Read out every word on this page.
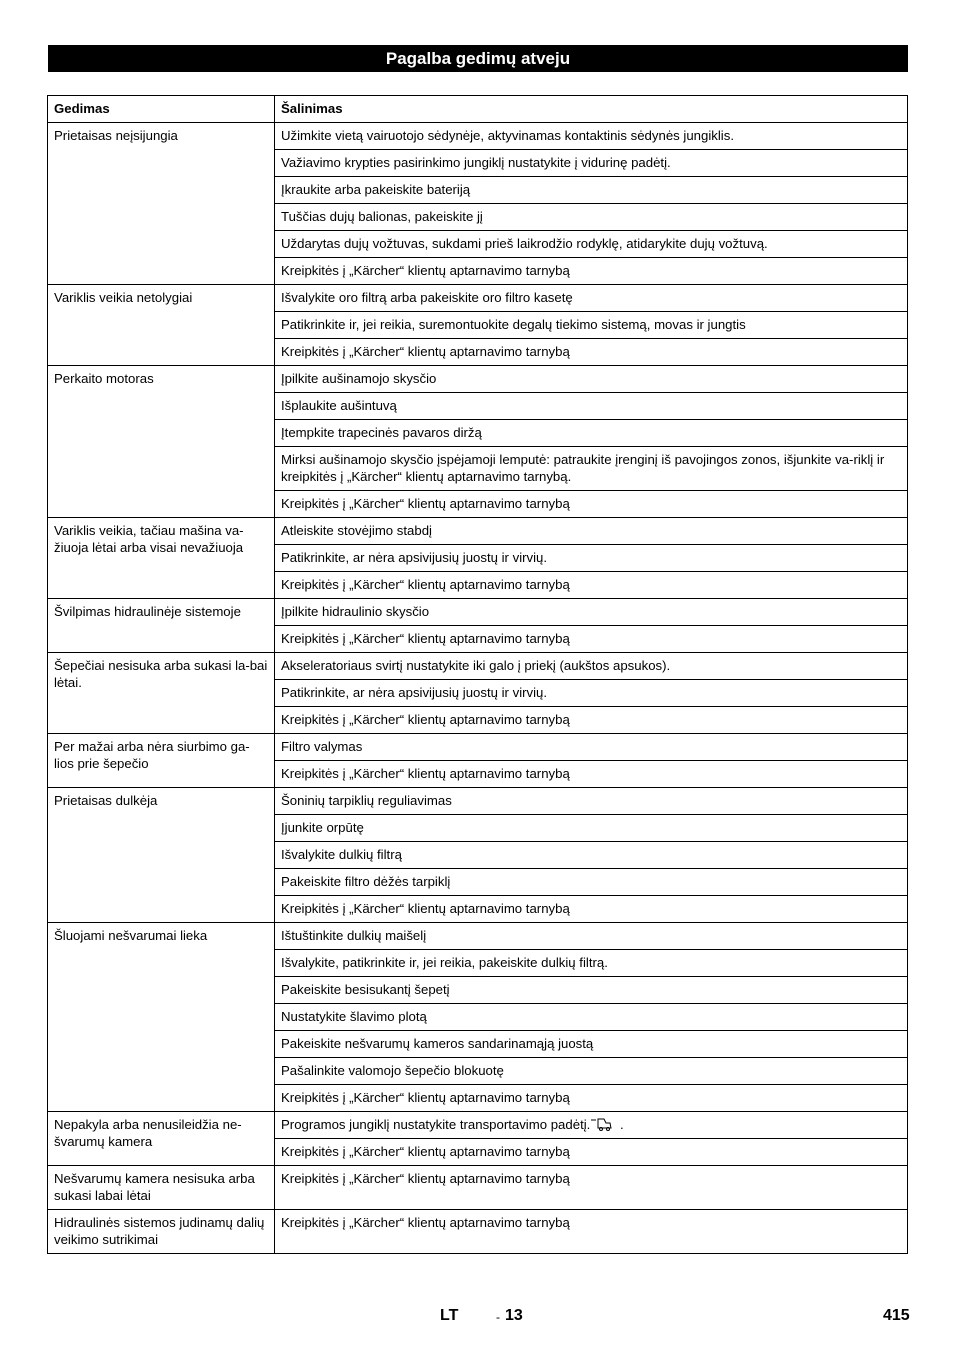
Pagalba gedimų atveju
Gedimas	Šalinimas
Prietaisas neįsijungia	Užimkite vietą vairuotojo sėdynėje, aktyvinamas kontaktinis sėdynės jungiklis.
	Važiavimo krypties pasirinkimo jungiklį nustatykite į vidurinę padėtį.
	Įkraukite arba pakeiskite bateriją
	Tuščias dujų balionas, pakeiskite jį
	Uždarytas dujų vožtuvas, sukdami prieš laikrodžio rodyklę, atidarykite dujų vožtuvą.
	Kreipkitės į „Kärcher“ klientų aptarnavimo tarnybą
Variklis veikia netolygiai	Išvalykite oro filtrą arba pakeiskite oro filtro kasetę
	Patikrinkite ir, jei reikia, suremontuokite degalų tiekimo sistemą, movas ir jungtis
	Kreipkitės į „Kärcher“ klientų aptarnavimo tarnybą
Perkaito motoras	Įpilkite aušinamojo skysčio
	Išplaukite aušintuvą
	Įtempkite trapecinės pavaros diržą
	Mirksi aušinamojo skysčio įspėjamoji lemputė: patraukite įrenginį iš pavojingos zonos, išjunkite va-riklį ir kreipkitės į „Kärcher“ klientų aptarnavimo tarnybą.
	Kreipkitės į „Kärcher“ klientų aptarnavimo tarnybą
Variklis veikia, tačiau mašina va-žiuoja lėtai arba visai nevažiuoja	Atleiskite stovėjimo stabdį
	Patikrinkite, ar nėra apsivijusių juostų ir virvių.
	Kreipkitės į „Kärcher“ klientų aptarnavimo tarnybą
Švilpimas hidraulinėje sistemoje	Įpilkite hidraulinio skysčio
	Kreipkitės į „Kärcher“ klientų aptarnavimo tarnybą
Šepečiai nesisuka arba sukasi la-bai lėtai.	Akseleratoriaus svirtį nustatykite iki galo į priekį (aukštos apsukos).
	Patikrinkite, ar nėra apsivijusių juostų ir virvių.
	Kreipkitės į „Kärcher“ klientų aptarnavimo tarnybą
Per mažai arba nėra siurbimo ga-lios prie šepečio	Filtro valymas
	Kreipkitės į „Kärcher“ klientų aptarnavimo tarnybą
Prietaisas dulkėja	Šoninių tarpiklių reguliavimas
	Įjunkite orpūtę
	Išvalykite dulkių filtrą
	Pakeiskite filtro dėžės tarpiklį
	Kreipkitės į „Kärcher“ klientų aptarnavimo tarnybą
Šluojami nešvarumai lieka	Ištuštinkite dulkių maišelį
	Išvalykite, patikrinkite ir, jei reikia, pakeiskite dulkių filtrą.
	Pakeiskite besisukantį šepetį
	Nustatykite šlavimo plotą
	Pakeiskite nešvarumų kameros sandarinamąją juostą
	Pašalinkite valomojo šepečio blokuotę
	Kreipkitės į „Kärcher“ klientų aptarnavimo tarnybą
Nepakyla arba nenusileidžia ne-švarumų kamera	Programos jungiklį nustatykite transportavimo padėtį. .
	Kreipkitės į „Kärcher“ klientų aptarnavimo tarnybą
Nešvarumų kamera nesisuka arba sukasi labai lėtai	Kreipkitės į „Kärcher“ klientų aptarnavimo tarnybą
Hidraulinės sistemos judinamų dalių veikimo sutrikimai	Kreipkitės į „Kärcher“ klientų aptarnavimo tarnybą
LT	- 13	415
